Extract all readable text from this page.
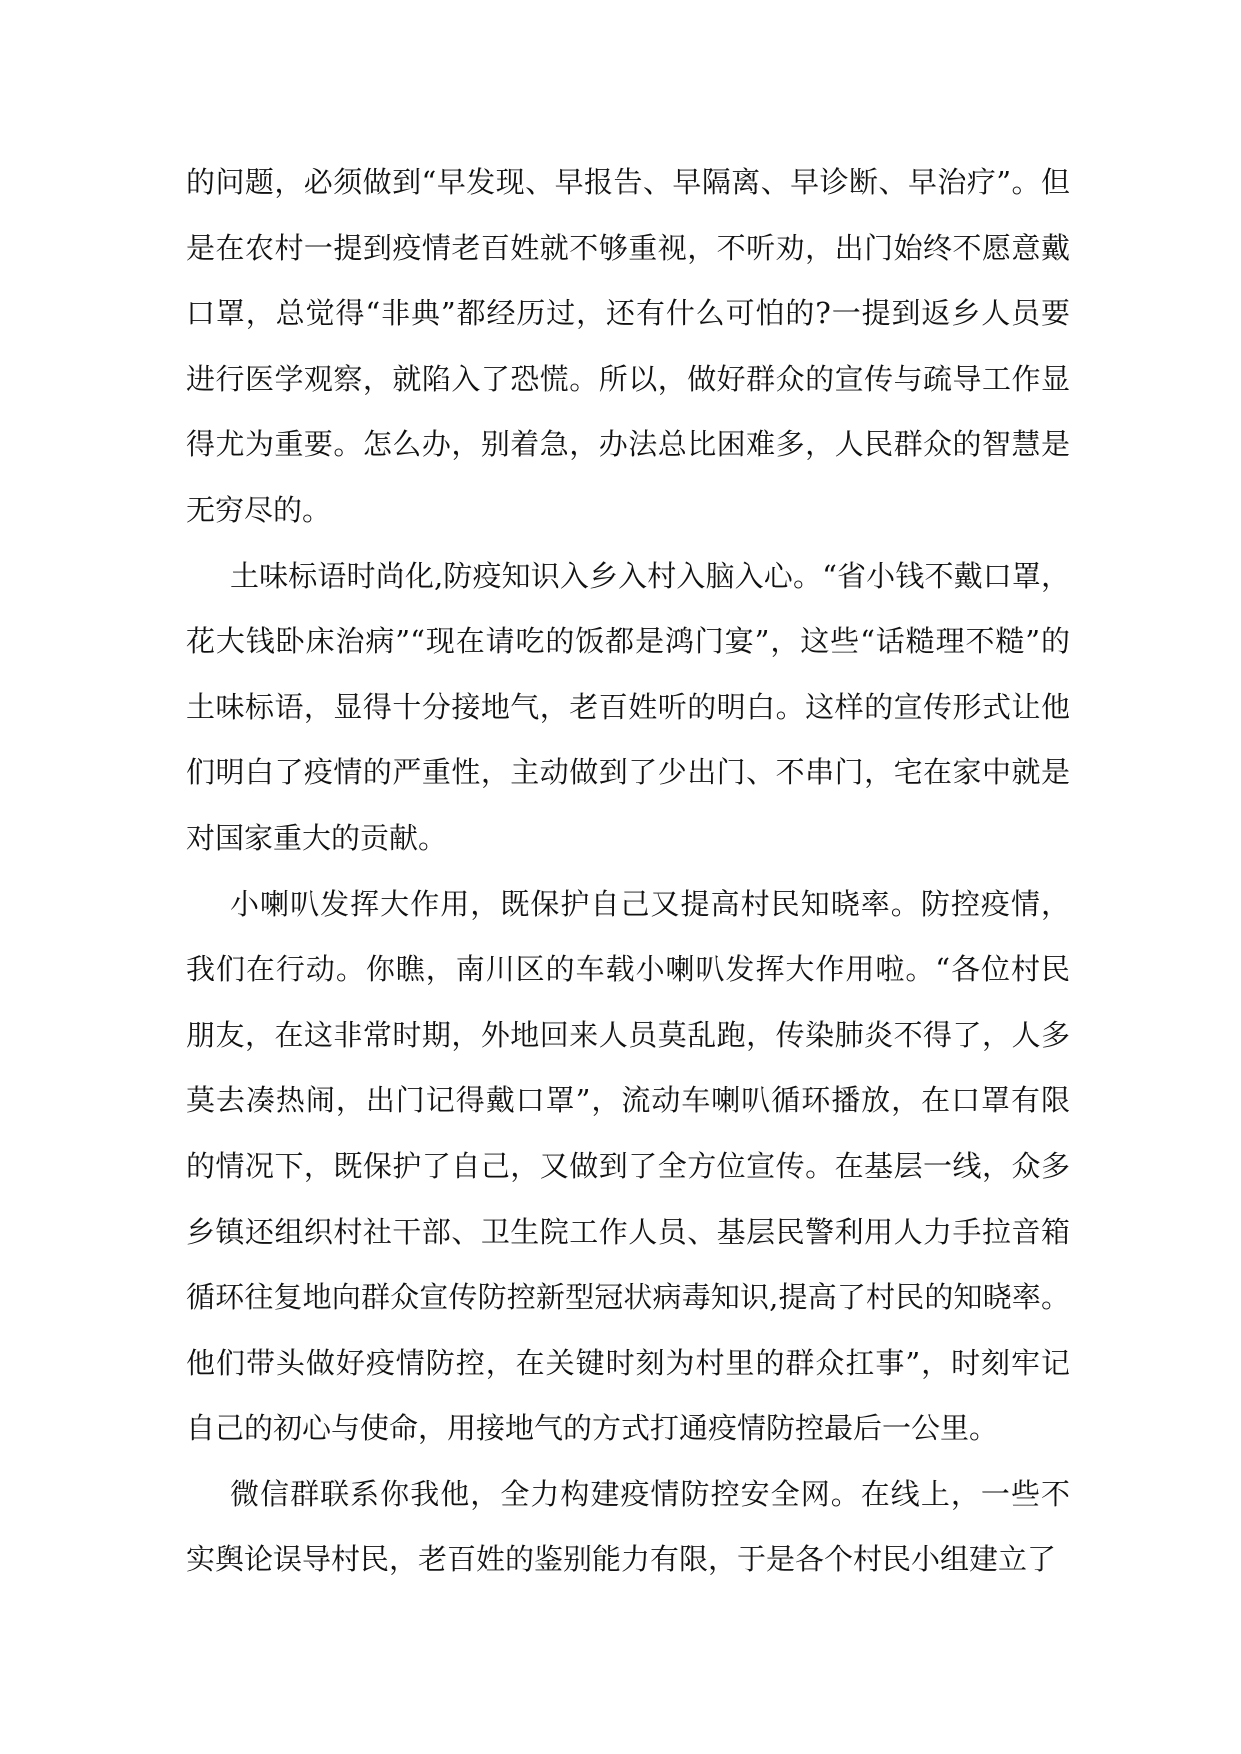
的问题，必须做到“早发现、早报告、早隔离、早诊断、早治疗”。但是在农村一提到疫情老百姓就不够重视，不听劝，出门始终不愿意戴口罩，总觉得“非典”都经历过，还有什么可怕的?一提到返乡人员要进行医学观察，就陷入了恐慌。所以，做好群众的宣传与疏导工作显得尤为重要。怎么办，别着急，办法总比困难多，人民群众的智慧是无穷尽的。

土味标语时尚化,防疫知识入乡入村入脑入心。“省小钱不戴口罩，花大钱卧床治病”“现在请吃的饭都是鸿门宴”，这些“话糙理不糙”的土味标语，显得十分接地气，老百姓听的明白。这样的宣传形式让他们明白了疫情的严重性，主动做到了少出门、不串门，宅在家中就是对国家重大的贡献。

小喇叭发挥大作用，既保护自己又提高村民知晓率。防控疫情，我们在行动。你瞧，南川区的车载小喇叭发挥大作用啦。“各位村民朋友，在这非常时期，外地回来人员莫乱跑，传染肺炎不得了，人多莫去凑热闹，出门记得戴口罩”，流动车喇叭循环播放，在口罩有限的情况下，既保护了自己，又做到了全方位宣传。在基层一线，众多乡镇还组织村社干部、卫生院工作人员、基层民警利用人力手拉音箱循环往复地向群众宣传防控新型冠状病毒知识,提高了村民的知晓率。他们带头做好疫情防控，在关键时刻为村里的群众扛事”，时刻牢记自己的初心与使命，用接地气的方式打通疫情防控最后一公里。

微信群联系你我他，全力构建疫情防控安全网。在线上，一些不实舆论误导村民，老百姓的鉴别能力有限，于是各个村民小组建立了
